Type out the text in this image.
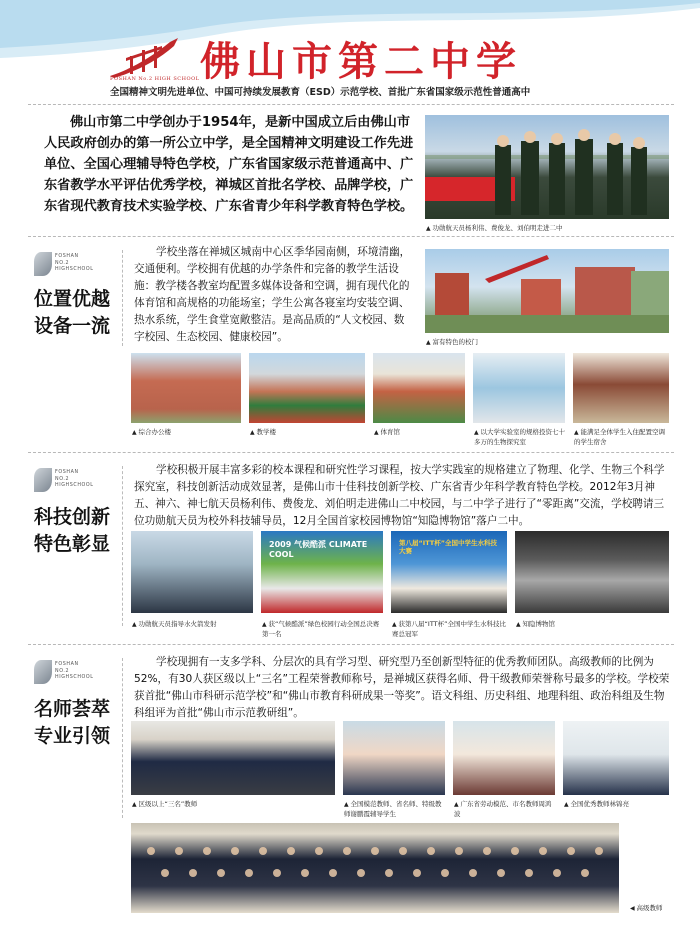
FOSHAN No.2 HIGH SCHOOL 佛山市第二中学
全国精神文明先进单位、中国可持续发展教育（ESD）示范学校、首批广东省国家级示范性普通高中
佛山市第二中学创办于1954年，是新中国成立后由佛山市人民政府创办的第一所公立中学，是全国精神文明建设工作先进单位、全国心理辅导特色学校，广东省国家级示范普通高中、广东省教学水平评估优秀学校，禅城区首批名学校、品牌学校，广东省现代教育技术实验学校、广东省青少年科学教育特色学校。
▲ 功勋航天员杨利伟、费俊龙、刘伯明走进二中
FOSHAN
NO.2
HIGHSCHOOL
位置优越
设备一流
学校坐落在禅城区城南中心区季华园南侧，环境清幽，交通便利。学校拥有优越的办学条件和完备的教学生活设施：教学楼各教室均配置多媒体设备和空调，拥有现代化的体育馆和高规格的功能场室；学生公寓各寝室均安装空调、热水系统，学生食堂宽敞整洁。是高品质的“人文校园、数字校园、生态校园、健康校园”。	▲ 富有特色的校门
▲ 综合办公楼	▲ 教学楼	▲ 体育馆	▲ 以大学实验室的规格投资七十多万的生物探究室
▲ 能满足全体学生入住配置空调的学生宿舍
FOSHAN
NO.2
HIGHSCHOOL
科技创新
特色彰显
学校积极开展丰富多彩的校本课程和研究性学习课程，按大学实践室的规格建立了物理、化学、生物三个科学探究室，科技创新活动成效显著，是佛山市十佳科技创新学校、广东省青少年科学教育特色学校。2012年3月神五、神六、神七航天员杨利伟、费俊龙、刘伯明走进佛山二中校园，与二中学子进行了“零距离”交流，学校聘请三位功勋航天员为校外科技辅导员，12月全国首家校园博物馆“知隐博物馆”落户二中。
2009 气候酷派 CLIMATE COOL
第八届“ITT杯”全国中学生水科技大赛
▲ 功勋航天员指导水火箭发射	▲ 获“气候酷派”绿色校园行动全国总决赛第一名
▲ 获第八届“ITT杯”全国中学生水科技比赛总冠军
▲ 知隐博物馆
FOSHAN
NO.2
HIGHSCHOOL
名师荟萃
专业引领
学校现拥有一支多学科、分层次的具有学习型、研究型乃至创新型特征的优秀教师团队。高级教师的比例为52%，有30人获区级以上“三名”工程荣誉教师称号，是禅城区获得名师、骨干级教师荣誉称号最多的学校。学校荣获首批“佛山市科研示范学校”和“佛山市教育科研成果一等奖”。语文科组、历史科组、地理科组、政治科组及生物科组评为首批“佛山市示范教研组”。
▲ 区级以上“三名”教师	▲ 全国模范教师、省名师、特级教师谢鹏霞辅导学生
▲ 广东省劳动模范、市名教师周鸿波
▲ 全国优秀教师林锦亮
◀ 高级教师
